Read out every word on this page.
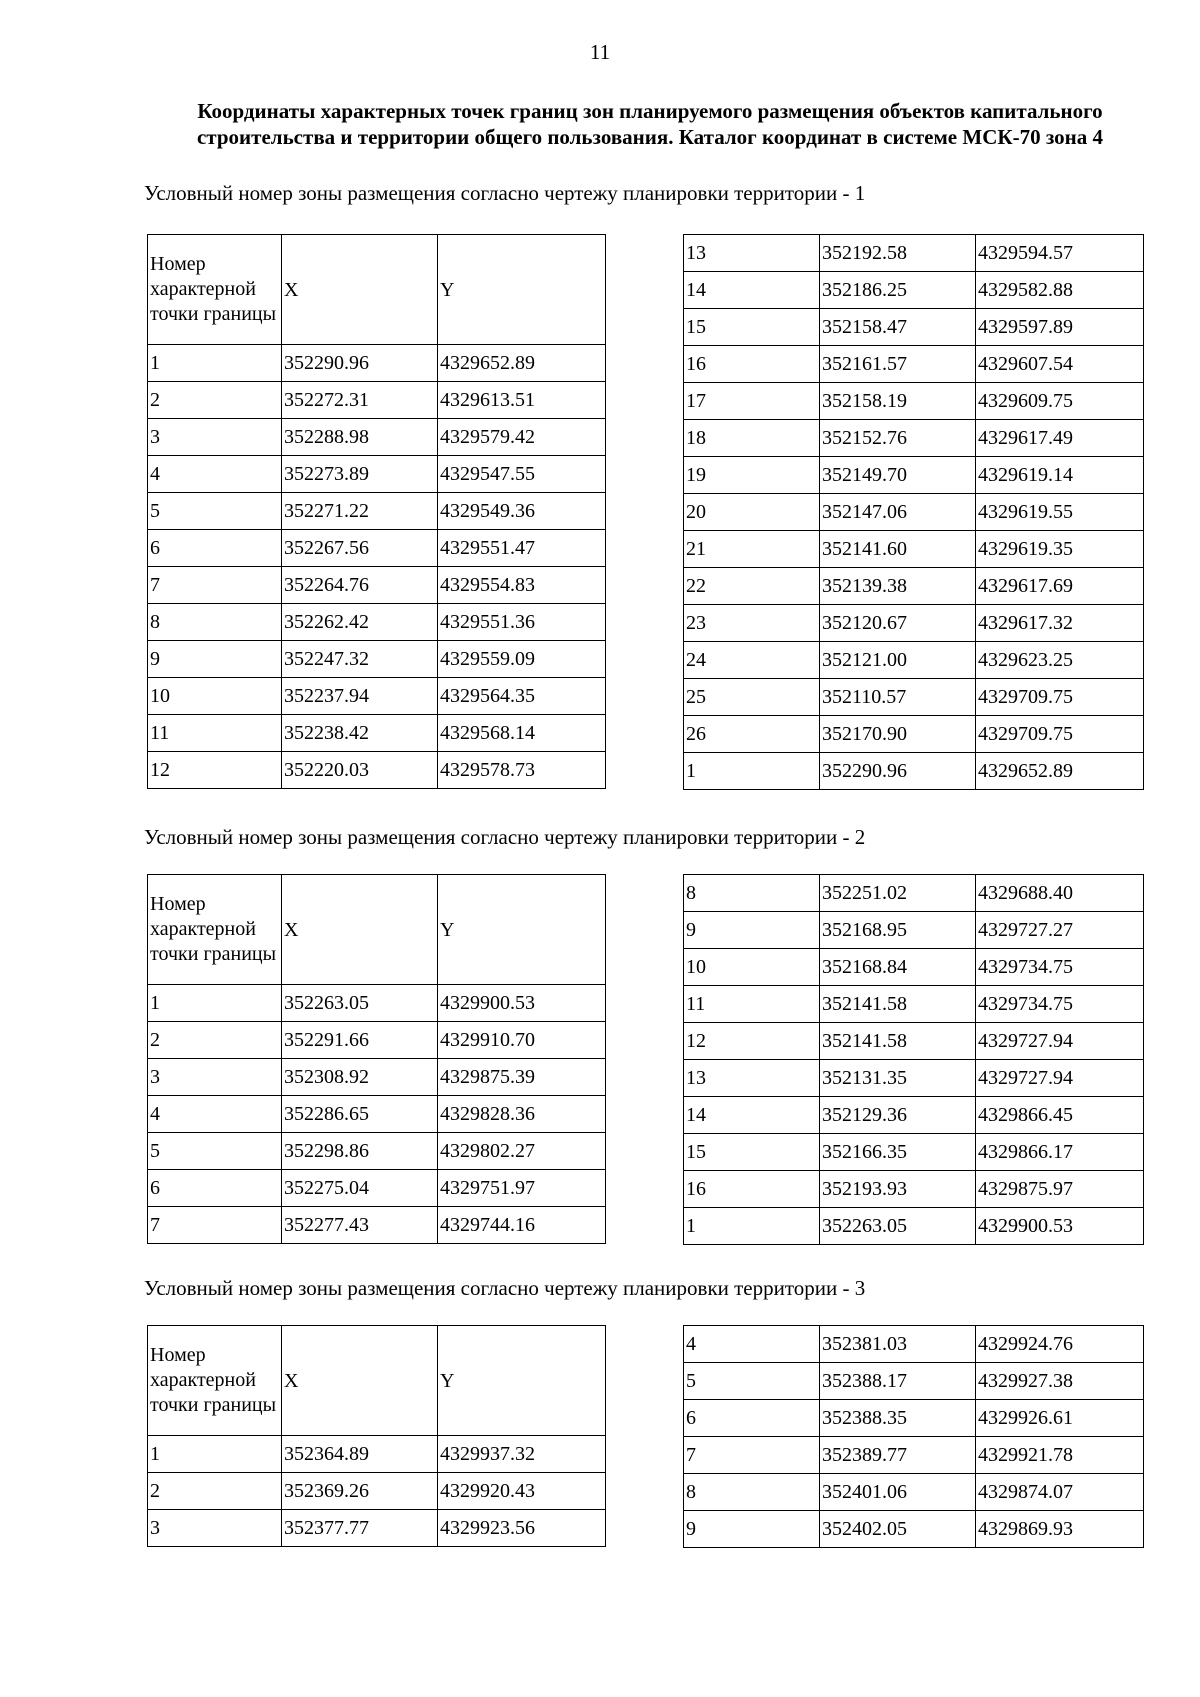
11
Координаты характерных точек границ зон планируемого размещения объектов капитального строительства и территории общего пользования. Каталог координат в системе МСК-70 зона 4
Условный номер зоны размещения согласно чертежу планировки территории - 1
Номер характерной точки границы	X	Y
1	352290.96	4329652.89
2	352272.31	4329613.51
3	352288.98	4329579.42
4	352273.89	4329547.55
5	352271.22	4329549.36
6	352267.56	4329551.47
7	352264.76	4329554.83
8	352262.42	4329551.36
9	352247.32	4329559.09
10	352237.94	4329564.35
11	352238.42	4329568.14
12	352220.03	4329578.73
13	352192.58	4329594.57
14	352186.25	4329582.88
15	352158.47	4329597.89
16	352161.57	4329607.54
17	352158.19	4329609.75
18	352152.76	4329617.49
19	352149.70	4329619.14
20	352147.06	4329619.55
21	352141.60	4329619.35
22	352139.38	4329617.69
23	352120.67	4329617.32
24	352121.00	4329623.25
25	352110.57	4329709.75
26	352170.90	4329709.75
1	352290.96	4329652.89
Условный номер зоны размещения согласно чертежу планировки территории - 2
Номер характерной точки границы	X	Y
1	352263.05	4329900.53
2	352291.66	4329910.70
3	352308.92	4329875.39
4	352286.65	4329828.36
5	352298.86	4329802.27
6	352275.04	4329751.97
7	352277.43	4329744.16
8	352251.02	4329688.40
9	352168.95	4329727.27
10	352168.84	4329734.75
11	352141.58	4329734.75
12	352141.58	4329727.94
13	352131.35	4329727.94
14	352129.36	4329866.45
15	352166.35	4329866.17
16	352193.93	4329875.97
1	352263.05	4329900.53
Условный номер зоны размещения согласно чертежу планировки территории - 3
Номер характерной точки границы	X	Y
1	352364.89	4329937.32
2	352369.26	4329920.43
3	352377.77	4329923.56
4	352381.03	4329924.76
5	352388.17	4329927.38
6	352388.35	4329926.61
7	352389.77	4329921.78
8	352401.06	4329874.07
9	352402.05	4329869.93
